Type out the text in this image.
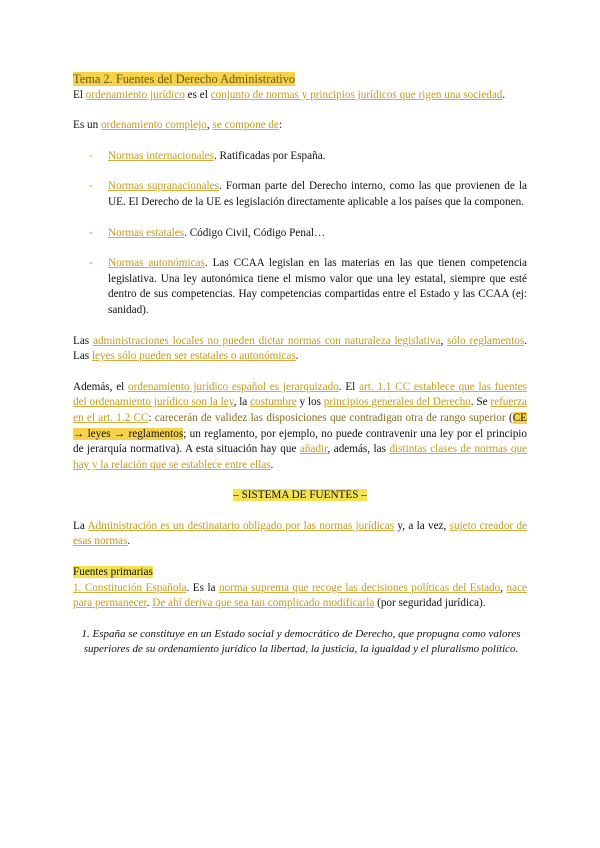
Tema 2. Fuentes del Derecho Administrativo

El ordenamiento jurídico es el conjunto de normas y principios jurídicos que rigen una sociedad.

Es un ordenamiento complejo, se compone de:

- Normas internacionales. Ratificadas por España.
- Normas supranacionales. Forman parte del Derecho interno, como las que provienen de la UE. El Derecho de la UE es legislación directamente aplicable a los países que la componen.
- Normas estatales. Código Civil, Código Penal…
- Normas autonómicas. Las CCAA legislan en las materias en las que tienen competencia legislativa. Una ley autonómica tiene el mismo valor que una ley estatal, siempre que esté dentro de sus competencias. Hay competencias compartidas entre el Estado y las CCAA (ej: sanidad).

Las administraciones locales no pueden dictar normas con naturaleza legislativa, sólo reglamentos. Las leyes sólo pueden ser estatales o autonómicas.

Además, el ordenamiento jurídico español es jerarquizado. El art. 1.1 CC establece que las fuentes del ordenamiento jurídico son la ley, la costumbre y los principios generales del Derecho. Se refuerza en el art. 1.2 CC: carecerán de validez las disposiciones que contradigan otra de rango superior (CE → leyes → reglamentos; un reglamento, por ejemplo, no puede contravenir una ley por el principio de jerarquía normativa). A esta situación hay que añadir, además, las distintas clases de normas que hay y la relación que se establece entre ellas.

– SISTEMA DE FUENTES –

La Administración es un destinatario obligado por las normas jurídicas y, a la vez, sujeto creador de esas normas.

Fuentes primarias

1. Constitución Española. Es la norma suprema que recoge las decisiones políticas del Estado, nace para permanecer. De ahí deriva que sea tan complicado modificarla (por seguridad jurídica).

1. España se constituye en un Estado social y democrático de Derecho, que propugna como valores superiores de su ordenamiento jurídico la libertad, la justicia, la igualdad y el pluralismo político.
